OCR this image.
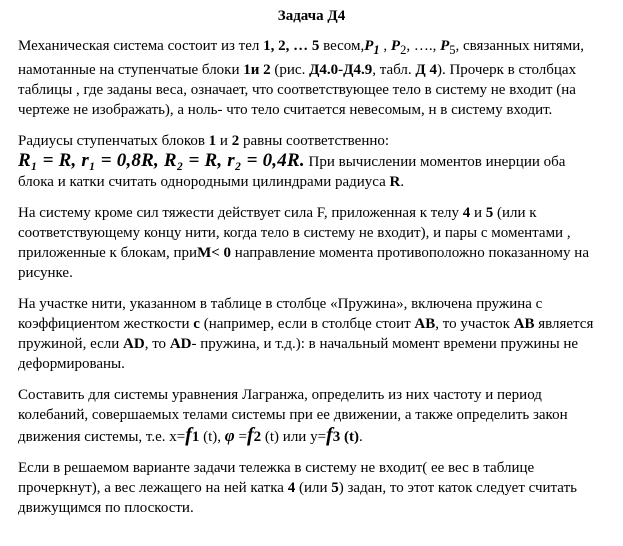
Задача Д4

Механическая система состоит из тел 1, 2, … 5 $весом,P_1$ , $P_2$, …., $P_5$, связанных нитями, намотанные на ступенчатые блоки 1и 2 (рис. Д4.0-Д4.9, табл. Д 4). Прочерк в столбцах таблицы , где заданы веса, означает, что соответствующее тело в систему не входит (на чертеже не изображать), а ноль- что тело считается невесомым, н в систему входит.

Радиусы ступенчатых блоков 1 и 2 равны соответственно:
R₁ = R, r₁ = 0,8R, R₂ = R, r₂ = 0,4R. При вычислении моментов инерции оба блока и катки считать однородными цилиндрами радиуса R.

На систему кроме сил тяжести действует сила F, приложенная к телу 4 и 5 (или к соответствующему концу нити, когда тело в систему не входит), и пары с моментами , приложенные к блокам, приM< 0 направление момента противоположно показанному на рисунке.

На участке нити, указанном в таблице в столбце «Пружина», включена пружина с коэффициентом жесткости с (например, если в столбце стоит АВ, то участок АВ является пружиной, если AD, то AD- пружина, и т.д.): в начальный момент времени пружины не деформированы.

Составить для системы уравнения Лагранжа, определить из них частоту и период колебаний, совершаемых телами системы при ее движении, а также определить закон движения системы, т.е. х=f1 (t), φ =f2 (t) или у=f3 (t).

Если в решаемом варианте задачи тележка в систему не входит( ее вес в таблице прочеркнут), а вес лежащего на ней катка 4 (или 5) задан, то этот каток следует считать движущимся по плоскости.
